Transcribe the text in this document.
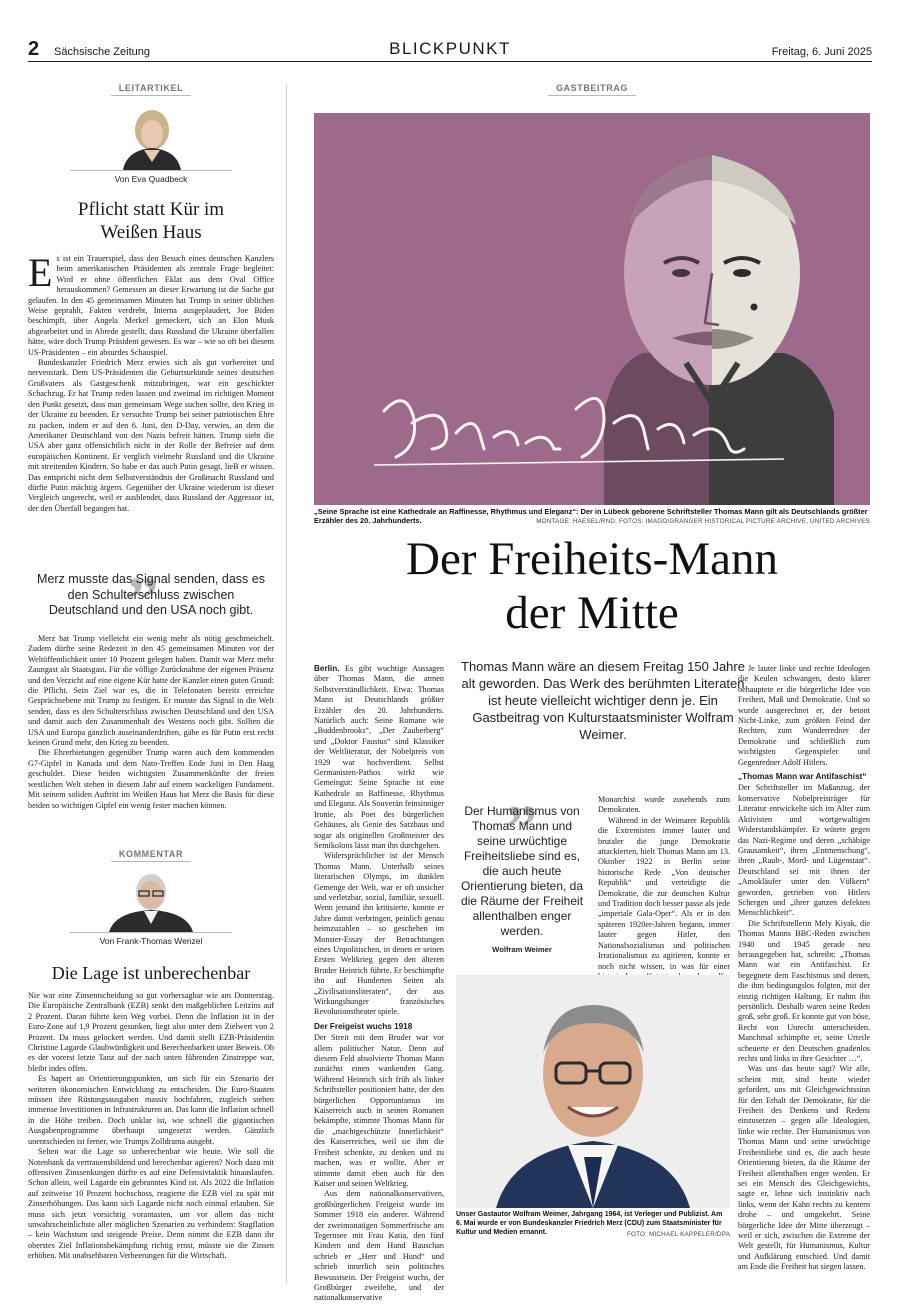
2 Sächsische Zeitung	BLICKPUNKT	Freitag, 6. Juni 2025
LEITARTIKEL
Von Eva Quadbeck
Pflicht statt Kür im
Weißen Haus

Es ist ein Trauerspiel, dass den Besuch eines deutschen Kanzlers beim amerikanischen Präsidenten als zentrale Frage begleitet: Wird er ohne öffentlichen Eklat aus dem Oval Office herauskommen? Gemessen an dieser Erwartung ist die Sache gut gelaufen. In den 45 gemeinsamen Minuten hat Trump in seiner üblichen Weise geprahlt, Fakten verdreht, Interna ausgeplaudert, Joe Biden beschimpft, über Angela Merkel gemeckert, sich an Elon Musk abgearbeitet und in Abrede gestellt, dass Russland die Ukraine überfallen hätte, wäre doch Trump Präsident gewesen. Es war – wie so oft bei diesem US-Präsidenten – ein absurdes Schauspiel.

Bundeskanzler Friedrich Merz erwies sich als gut vorbereitet und nervenstark. Dem US-Präsidenten die Geburtsurkunde seines deutschen Großvaters als Gastgeschenk mitzubringen, war ein geschickter Schachzug. Er hat Trump reden lassen und zweimal im richtigen Moment den Punkt gesetzt, dass man gemeinsam Wege suchen sollte, den Krieg in der Ukraine zu beenden. Er versuchte Trump bei seiner patriotischen Ehre zu packen, indem er auf den 6. Juni, den D-Day, verwies, an dem die Amerikaner Deutschland von den Nazis befreit hätten. Trump sieht die USA aber ganz offensichtlich nicht in der Rolle der Befreier auf dem europäischen Kontinent. Er verglich vielmehr Russland und die Ukraine mit streitenden Kindern. So habe er das auch Putin gesagt, lieB er wissen. Das entspricht nicht dem Selbstverständnis der Großmacht Russland und dürfte Putin mächtig ärgern. Gegenüber der Ukraine wiederum ist dieser Vergleich ungerecht, weil er ausblendet, dass Russland der Aggressor ist, der den Überfall begangen hat.

„
Merz musste das Signal senden, dass es den Schulterschluss zwischen Deutschland und den USA noch gibt.

Merz hat Trump vielleicht ein wenig mehr als nötig geschmeichelt. Zudem dürfte seine Redezeit in den 45 gemeinsamen Minuten vor der Weltöffentlichkeit unter 10 Prozent gelegen haben. Damit war Merz mehr Zaungast als Staatsgast. Für die völlige Zurücknahme der eigenen Präsenz und den Verzicht auf eine eigene Kür hatte der Kanzler einen guten Grund: die Pflicht. Sein Ziel war es, die in Telefonaten bereits erreichte Gesprächsebene mit Trump zu festigen. Er musste das Signal in die Welt senden, dass es den Schulterschluss zwischen Deutschland und den USA und damit auch den Zusammenhalt des Westens noch gibt. Sollten die USA und Europa gänzlich auseinanderdriften, gäbe es für Putin erst recht keinen Grund mehr, den Krieg zu beenden.

Die Ehrerbietungen gegenüber Trump waren auch dem kommenden G7-Gipfel in Kanada und dem Nato-Treffen Ende Juni in Den Haag geschuldet. Diese beiden wichtigsten Zusammenkünfte der freien westlichen Welt stehen in diesem Jahr auf einem wackeligen Fundament. Mit seinem soliden Auftritt im Weißen Haus hat Merz die Basis für diese beiden so wichtigen Gipfel ein wenig fester machen können.

KOMMENTAR
Von Frank-Thomas Wenzel
Die Lage ist unberechenbar

Nie war eine Zinsentscheidung so gut vorhersagbar wie am Donnerstag. Die Europäische Zentralbank (EZB) senkt den maßgeblichen Leitzins auf 2 Prozent. Daran führte kein Weg vorbei. Denn die Inflation ist in der Euro-Zone auf 1,9 Prozent gesunken, liegt also unter dem Zielwert von 2 Prozent. Da muss gelockert werden. Und damit stellt EZB-Präsidentin Christine Lagarde Glaubwürdigkeit und Berechenbarkeit unter Beweis. Ob es der vorerst letzte Tanz auf der nach unten führenden Zinstreppe war, bleibt indes offen.

Es hapert an Orientierungspunkten, um sich für ein Szenario der weiteren ökonomischen Entwicklung zu entscheiden. Die Euro-Staaten müssen ihre Rüstungsausgaben massiv hochfahren, zugleich stehen immense Investitionen in Infrastrukturen an. Das kann die Inflation schnell in die Höhe treiben. Doch unklar ist, wie schnell die gigantischen Ausgabenprogramme überhaupt umgesetzt werden. Gänzlich unentschieden ist ferner, wie Trumps Zolldrama ausgeht.

Selten war die Lage so unberechenbar wie heute. Wie soll die Notenbank da vertrauensbildend und berechenbar agieren? Noch dazu mit offensiven Zinssenkungen dürfte es auf eine Defensivtaktik hinauslaufen. Schon allein, weil Lagarde ein gebranntes Kind ist. Als 2022 die Inflation auf zeitweise 10 Prozent hochschoss, reagierte die EZB viel zu spät mit Zinserhöhungen. Das kann sich Lagarde nicht noch einmal erlauben. Sie muss sich jetzt vorsichtig vorantasten, um vor allem das nicht unwahrscheinlichste aller möglichen Szenarien zu verhindern: Stagflation – kein Wachstum und steigende Preise. Denn nimmt die EZB dann ihr oberstes Ziel Inflationsbekämpfung richtig ernst, müsste sie die Zinsen erhöhen. Mit unabsehbaren Verheerungen für die Wirtschaft.

GASTBEITRAG
„Seine Sprache ist eine Kathedrale an Raffinesse, Rhythmus und Eleganz“: Der in Lübeck geborene Schriftsteller Thomas Mann gilt als Deutschlands größter Erzähler des 20. Jahrhunderts.	MONTAGE: HAESEL/RND; FOTOS: IMAGO/GRANGER HISTORICAL PICTURE ARCHIVE, UNITED ARCHIVES
Der Freiheits-Mann
der Mitte
Thomas Mann wäre an diesem Freitag 150 Jahre alt geworden. Das Werk des berühmten Literaten ist heute vielleicht wichtiger denn je. Ein Gastbeitrag von Kulturstaatsminister Wolfram Weimer.

Berlin. Es gibt wuchtige Aussagen über Thomas Mann, die atmen Selbstverständlichkeit. Etwa: Thomas Mann ist Deutschlands größter Erzähler des 20. Jahrhunderts. Natürlich auch: Seine Romane wie „Buddenbrooks“, „Der Zauberberg“ und „Doktor Faustus“ sind Klassiker der Weltliteratur, der Nobelpreis von 1929 war hochverdient. Selbst Germanisten-Pathos wirkt wie Gemeingut: Seine Sprache ist eine Kathedrale an Raffinesse, Rhythmus und Eleganz. Als Souverän feinsinniger Ironie, als Poet des bürgerlichen Gehäuses, als Genie des Satzbaus und sogar als originellen Großmeister des Semikolons lässt man ihn durchgehen.

Widersprüchlicher ist der Mensch Thomas Mann. Unterhalb seines literarischen Olymps, im dunklen Gemenge der Welt, war er oft unsicher und verletzbar, sozial, familiär, sexuell. Wenn jemand ihn kritisierte, konnte er Jahre damit verbringen, peinlich genau heimzuzahlen – so geschehen im Monster-Essay der Betrachtungen eines Unpolitischen, in denen er seinen Ersten Weltkrieg gegen den älteren Bruder Heinrich führte. Er beschimpfte ihn auf Hunderten Seiten als „Zivilisationsliteraten“, der aus Wirkungshunger französisches Revolutionstheater spiele.

Der Freigeist wuchs 1918

Der Streit mit dem Bruder war vor allem politischer Natur. Denn auf diesem Feld absolvierte Thomas Mann zunächst einen wankenden Gang. Während Heinrich sich früh als linker Schriftsteller positioniert hatte, der den bürgerlichen Opportunismus im Kaiserreich auch in seinen Romanen bekämpfte, stimmte Thomas Mann für die „machtgeschützte Innerlichkeit“ des Kaiserreiches, weil sie ihm die Freiheit schenkte, zu denken und zu machen, was er wollte. Aber er stimmte damit eben auch für den Kaiser und seinen Weltkrieg.

Aus dem nationalkonservativen, großbürgerlichen Freigeist wurde im Sommer 1918 ein anderer. Während der zweimonatigen Sommerfrische am Tegernsee mit Frau Katia, den fünf Kindern und dem Hund Bauschan schrieb er „Herr und Hund“ und schrieb innerlich sein politisches Bewusstsein. Der Freigeist wuchs, der Großbürger zweifelte, und der nationalkonservative

„
Der Humanismus von Thomas Mann und seine urwüchtige Freiheitsliebe sind es, die auch heute Orientierung bieten, da die Räume der Freiheit allenthalben enger werden.
Wolfram Weimer

Monarchist wurde zusehends zum Demokraten.

Während in der Weimarer Republik die Extremisten immer lauter und brutaler die junge Demokratie attackierten, hielt Thomas Mann am 13. Oktober 1922 in Berlin seine historische Rede „Von deutscher Republik“ und verteidigte die Demokratie, die zur deutschen Kultur und Tradition doch besser passe als jede „imperiale Gala-Oper“. Als er in den späteren 1920er-Jahren begann, immer lauter gegen Hitler, den Nationalsozialismus und politischen Irrationalismus zu agitieren, konnte er noch nicht wissen, in was für einer

Unser Gastautor Wolfram Weimer, Jahrgang 1964, ist Verleger und Publizist. Am 6. Mai wurde er von Bundeskanzler Friedrich Merz (CDU) zum Staatsminister für Kultur und Medien ernannt.	FOTO: MICHAEL KAPPELER/DPA

Je lauter linke und rechte Ideologen die Keulen schwangen, desto klarer behauptete er die bürgerliche Idee von Freiheit, Maß und Demokratie. Und so wurde ausgerechnet er, der betont Nicht-Linke, zum größten Feind der Rechten, zum Wanderredner der Demokratie und schließlich zum wichtigsten Gegenspieler und Gegenredner Adolf Hitlers.

„Thomas Mann war Antifaschist“

Der Schriftsteller im Maßanzug, der konservative Nobelpreisträger für Literatur entwickelte sich im Alter zum Aktivisten und wortgewaltigen Widerstandskämpfer. Er wütete gegen das Nazi-Regime und deren „schäbige Grausamkeit“, ihren „Entmenschung“, ihren „Raub-, Mord- und Lügenstaat“. Deutschland sei mit ihnen der „Amokläufer unter den Völkern“ geworden, getrieben von Hitlers Schergen und „ihrer ganzen defekten Menschlichkeit“.

Die Schriftstellerin Mely Kiyak, die Thomas Manns BBC-Reden zwischen 1940 und 1945 gerade neu herausgegeben hat, schreibt: „Thomas Mann war ein Antifaschist. Er begegnete dem Faschismus und denen, die ihm bedingungslos folgten, mit der einzig richtigen Haltung. Er nahm ihn persönlich. Deshalb waren seine Reden groß, sehr groß. Er konnte gut von böse, Recht von Unrecht unterscheiden. Manchmal schimpfte er, seine Urteile scheuerte er den Deutschen gnadenlos rechts und links in ihre Gesichter …“.

Was uns das heute sagt? Wir alle, scheint mir, sind heute wieder gefordert, uns mit Gleichgewichtssinn für den Erhalt der Demokratie, für die Freiheit des Denkens und Redens einzusetzen – gegen alle Ideologien, linke wie rechte. Der Humanismus von Thomas Mann und seine urwüchtige Freiheitsliebe sind es, die auch heute Orientierung bieten, da die Räume der Freiheit allenthalben enger werden. Er sei ein Mensch des Gleichgewichts, sagte er, lehne sich instinktiv nach links, wenn der Kahn rechts zu kentern drohe – und umgekehrt. Seine bürgerliche Idee der Mitte überzeugt – weil er sich, zwischen die Extreme der Welt gestellt, für Humanismus, Kultur und Aufklärung entschied. Und damit am Ende die Freiheit hat siegen lassen.
